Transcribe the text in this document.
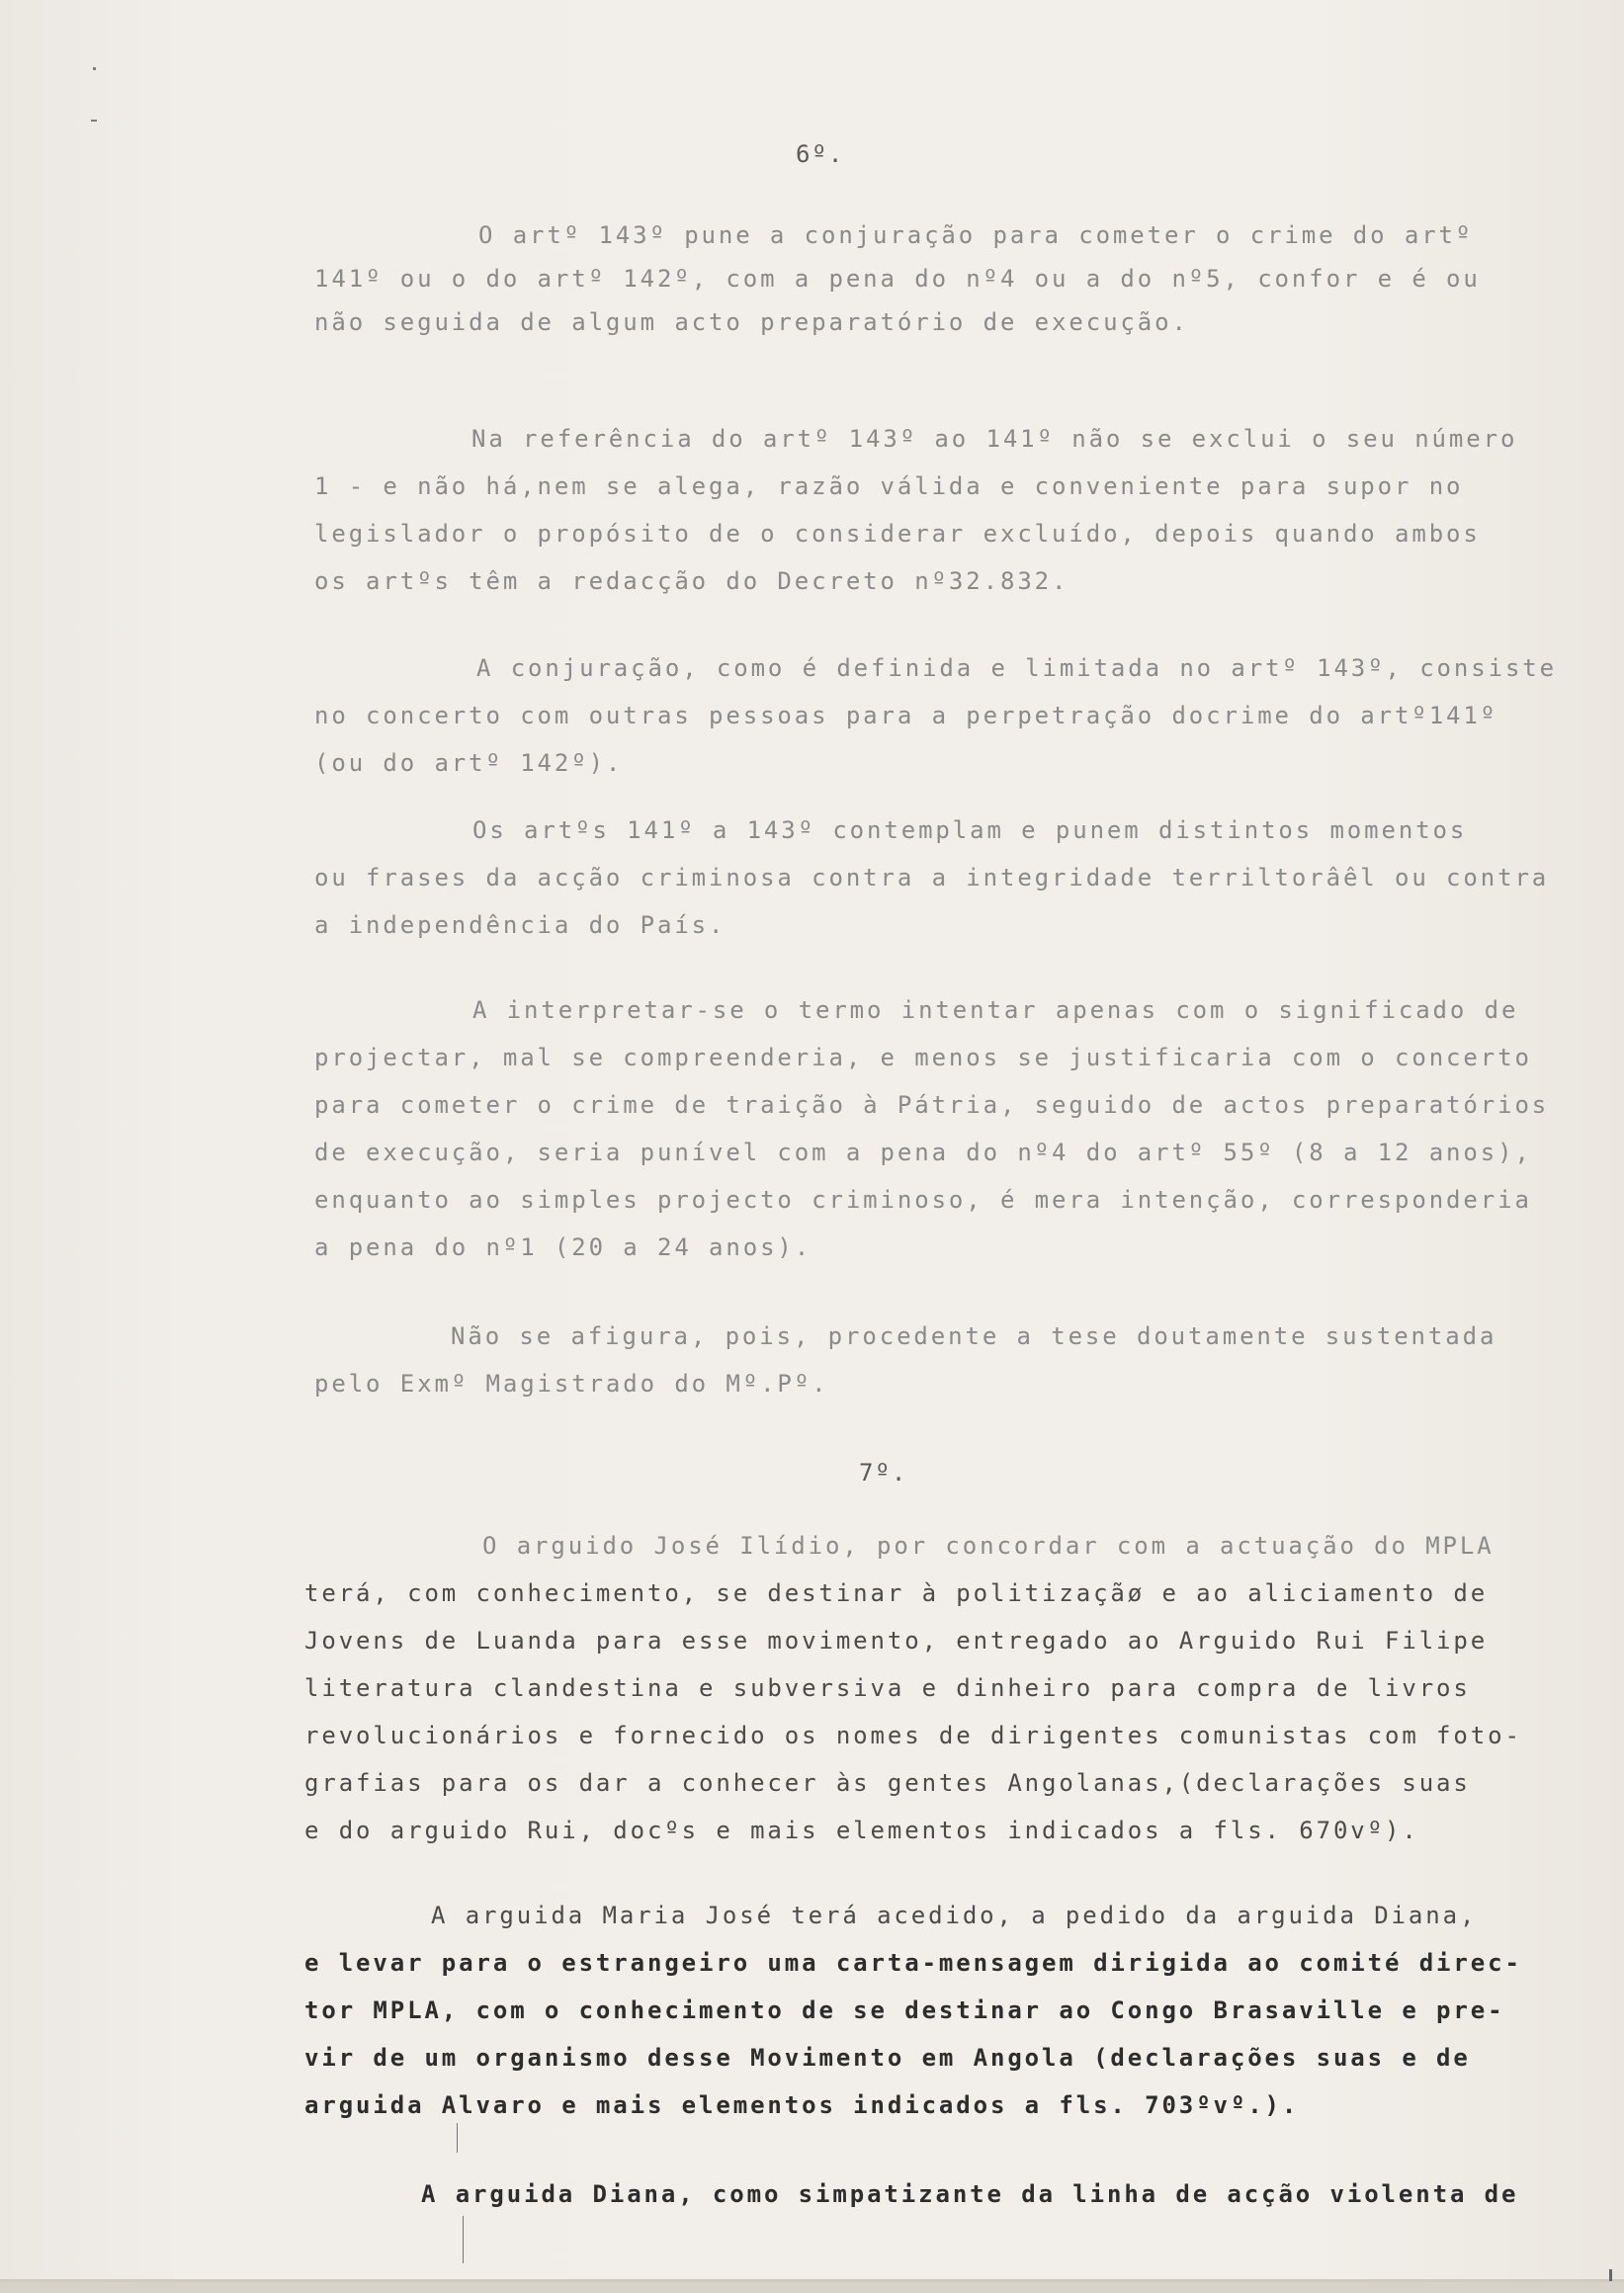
6º.
7º.
O artº 143º pune a conjuração para cometer o crime do artº
141º ou o do artº 142º, com a pena do nº4 ou a do nº5, confor e é ou
não seguida de algum acto preparatório de execução.
Na referência do artº 143º ao 141º não se exclui o seu número
1 - e não há,nem se alega, razão válida e conveniente para supor no
legislador o propósito de o considerar excluído, depois quando ambos
os artºs têm a redacção do Decreto nº32.832.
A conjuração, como é definida e limitada no artº 143º, consiste
no concerto com outras pessoas para a perpetração docrime do artº141º
(ou do artº 142º).
Os artºs 141º a 143º contemplam e punem distintos momentos
ou frases da acção criminosa contra a integridade terriltorâêl ou contra
a independência do País.
A interpretar-se o termo intentar apenas com o significado de
projectar, mal se compreenderia, e menos se justificaria com o concerto
para cometer o crime de traição à Pátria, seguido de actos preparatórios
de execução, seria punível com a pena do nº4 do artº 55º (8 a 12 anos),
enquanto ao simples projecto criminoso, é mera intenção, corresponderia
a pena do nº1 (20 a 24 anos).
Não se afigura, pois, procedente a tese doutamente sustentada
pelo Exmº Magistrado do Mº.Pº.
O arguido José Ilídio, por concordar com a actuação do MPLA
terá, com conhecimento, se destinar à politizaçãø e ao aliciamento de
Jovens de Luanda para esse movimento, entregado ao Arguido Rui Filipe
literatura clandestina e subversiva e dinheiro para compra de livros
revolucionários e fornecido os nomes de dirigentes comunistas com foto-
grafias para os dar a conhecer às gentes Angolanas,(declarações suas
e do arguido Rui, docºs e mais elementos indicados a fls. 670vº).
A arguida Maria José terá acedido, a pedido da arguida Diana,
e levar para o estrangeiro uma carta-mensagem dirigida ao comité direc-
tor MPLA, com o conhecimento de se destinar ao Congo Brasaville e pre-
vir de um organismo desse Movimento em Angola (declarações suas e de
arguida Alvaro e mais elementos indicados a fls. 703ºvº.).
A arguida Diana, como simpatizante da linha de acção violenta de
